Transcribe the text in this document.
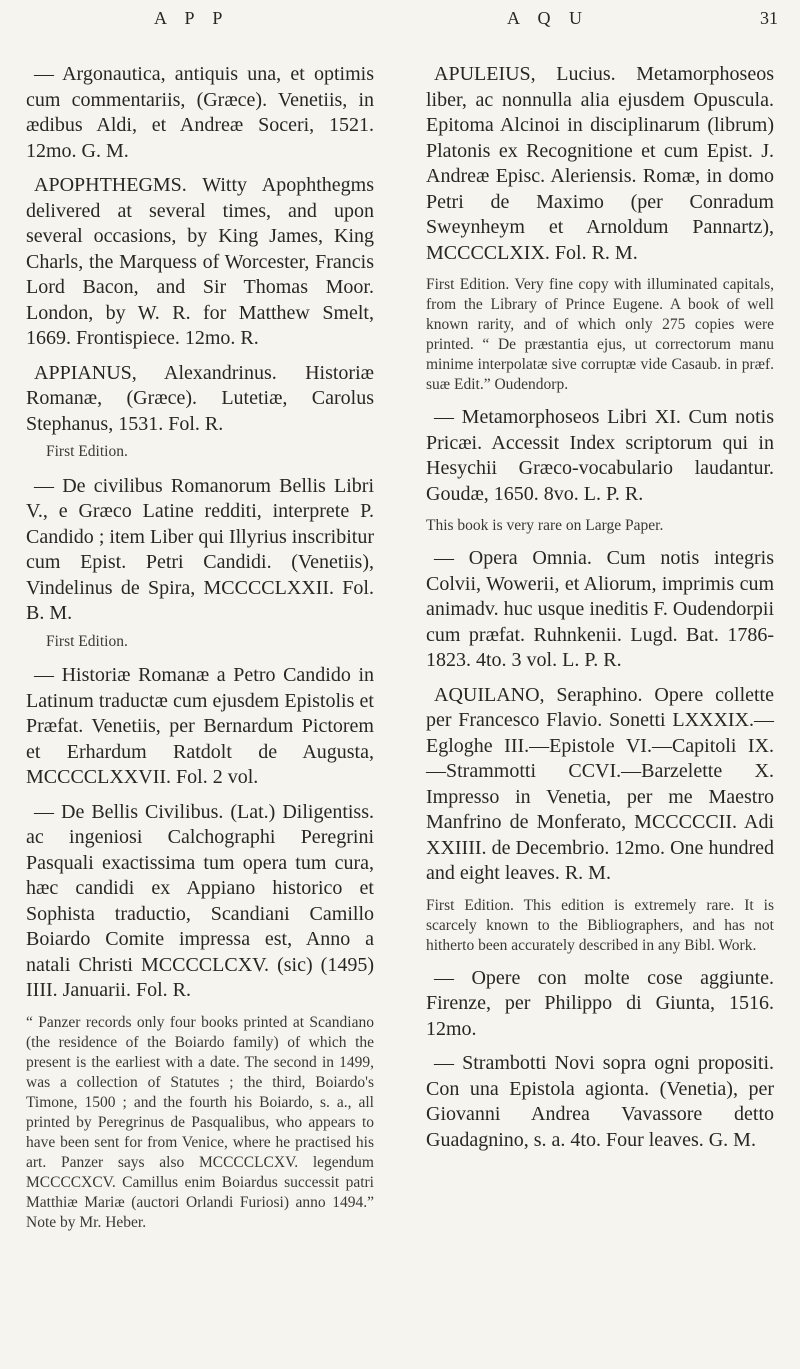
A P P	A Q U	31

— Argonautica, antiquis una, et optimis cum commentariis, (Græce). Venetiis, in ædibus Aldi, et Andreæ Soceri, 1521. 12mo. G. M.

APOPHTHEGMS. Witty Apophthegms delivered at several times, and upon several occasions, by King James, King Charls, the Marquess of Worcester, Francis Lord Bacon, and Sir Thomas Moor. London, by W. R. for Matthew Smelt, 1669. Frontispiece. 12mo. R.

APPIANUS, Alexandrinus. Historiæ Romanæ, (Græce). Lutetiæ, Carolus Stephanus, 1531. Fol. R.
First Edition.

— De civilibus Romanorum Bellis Libri V., e Græco Latine redditi, interprete P. Candido ; item Liber qui Illyrius inscribitur cum Epist. Petri Candidi. (Venetiis), Vindelinus de Spira, MCCCCLXXII. Fol. B. M.
First Edition.

— Historiæ Romanæ a Petro Candido in Latinum traductæ cum ejusdem Epistolis et Præfat. Venetiis, per Bernardum Pictorem et Erhardum Ratdolt de Augusta, MCCCCLXXVII. Fol. 2 vol.

— De Bellis Civilibus. (Lat.) Diligentiss. ac ingeniosi Calchographi Peregrini Pasquali exactissima tum opera tum cura, hæc candidi ex Appiano historico et Sophista traductio, Scandiani Camillo Boiardo Comite impressa est, Anno a natali Christi MCCCCLCXV. (sic) (1495) IIII. Januarii. Fol. R.

“ Panzer records only four books printed at Scandiano (the residence of the Boiardo family) of which the present is the earliest with a date. The second in 1499, was a collection of Statutes ; the third, Boiardo's Timone, 1500 ; and the fourth his Boiardo, s. a., all printed by Peregrinus de Pasqualibus, who appears to have been sent for from Venice, where he practised his art. Panzer says also MCCCCLCXV. legendum MCCCCXCV. Camillus enim Boiardus successit patri Matthiæ Mariæ (auctori Orlandi Furiosi) anno 1494.” Note by Mr. Heber.

APULEIUS, Lucius. Metamorphoseos liber, ac nonnulla alia ejusdem Opuscula. Epitoma Alcinoi in disciplinarum (librum) Platonis ex Recognitione et cum Epist. J. Andreæ Episc. Aleriensis. Romæ, in domo Petri de Maximo (per Conradum Sweynheym et Arnoldum Pannartz), MCCCCLXIX. Fol. R. M.

First Edition. Very fine copy with illuminated capitals, from the Library of Prince Eugene. A book of well known rarity, and of which only 275 copies were printed. “ De præstantia ejus, ut correctorum manu minime interpolatæ sive corruptæ vide Casaub. in præf. suæ Edit.” Oudendorp.

— Metamorphoseos Libri XI. Cum notis Pricæi. Accessit Index scriptorum qui in Hesychii Græco-vocabulario laudantur. Goudæ, 1650. 8vo. L. P. R.

This book is very rare on Large Paper.

— Opera Omnia. Cum notis integris Colvii, Wowerii, et Aliorum, imprimis cum animadv. huc usque ineditis F. Oudendorpii cum præfat. Ruhnkenii. Lugd. Bat. 1786-1823. 4to. 3 vol. L. P. R.

AQUILANO, Seraphino. Opere collette per Francesco Flavio. Sonetti LXXXIX.—Egloghe III.—Epistole VI.—Capitoli IX.—Strammotti CCVI.—Barzelette X. Impresso in Venetia, per me Maestro Manfrino de Monferato, MCCCCCII. Adi XXIIII. de Decembrio. 12mo. One hundred and eight leaves. R. M.

First Edition. This edition is extremely rare. It is scarcely known to the Bibliographers, and has not hitherto been accurately described in any Bibl. Work.

— Opere con molte cose aggiunte. Firenze, per Philippo di Giunta, 1516. 12mo.

— Strambotti Novi sopra ogni propositi. Con una Epistola agionta. (Venetia), per Giovanni Andrea Vavassore detto Guadagnino, s. a. 4to. Four leaves. G. M.
